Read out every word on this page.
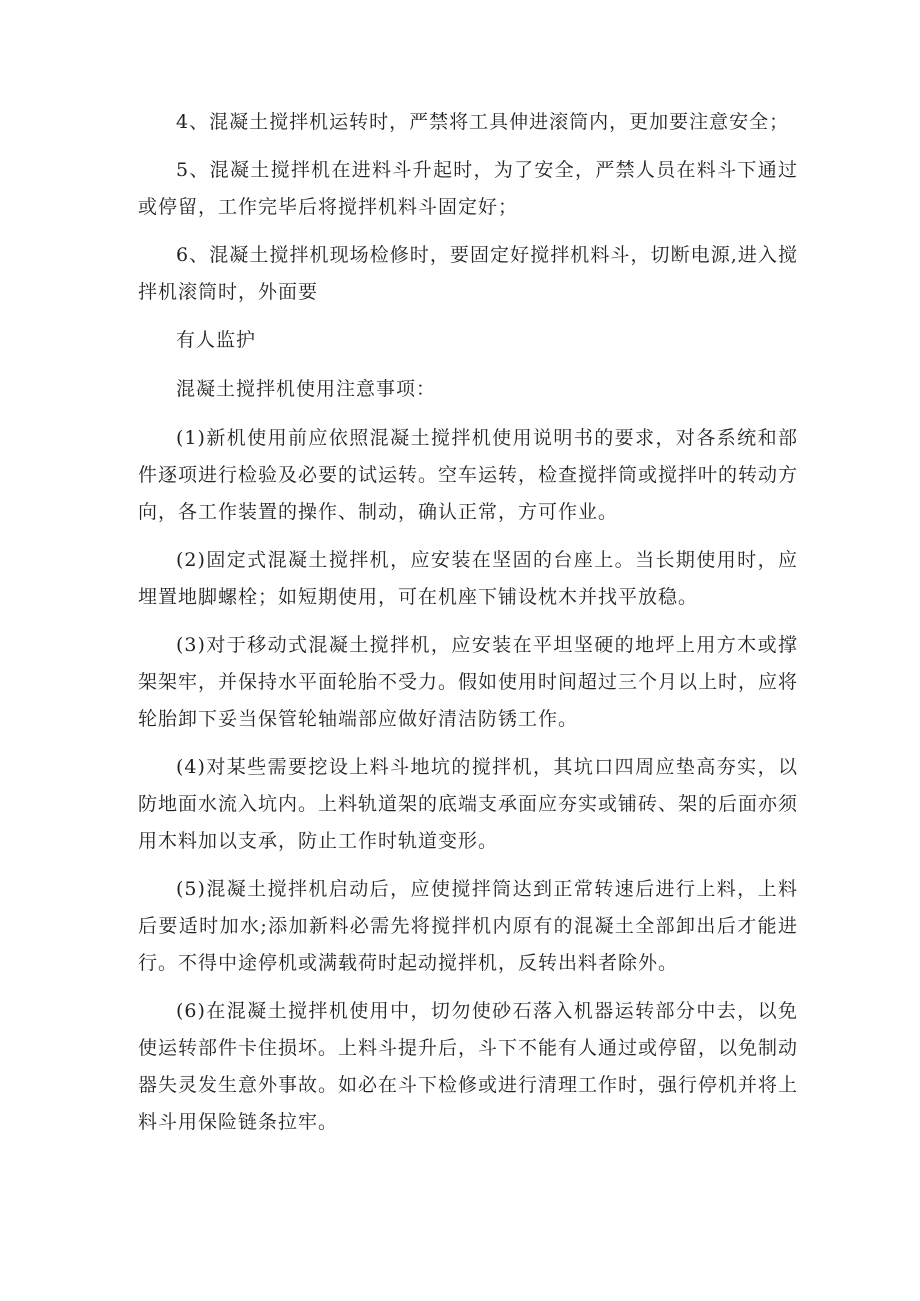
4、混凝土搅拌机运转时，严禁将工具伸进滚筒内，更加要注意安全；

5、混凝土搅拌机在进料斗升起时，为了安全，严禁人员在料斗下通过或停留，工作完毕后将搅拌机料斗固定好；

6、混凝土搅拌机现场检修时，要固定好搅拌机料斗，切断电源,进入搅拌机滚筒时，外面要

有人监护

混凝土搅拌机使用注意事项：

(1)新机使用前应依照混凝土搅拌机使用说明书的要求，对各系统和部件逐项进行检验及必要的试运转。空车运转，检查搅拌筒或搅拌叶的转动方向，各工作装置的操作、制动，确认正常，方可作业。

(2)固定式混凝土搅拌机，应安装在坚固的台座上。当长期使用时，应埋置地脚螺栓；如短期使用，可在机座下铺设枕木并找平放稳。

(3)对于移动式混凝土搅拌机，应安装在平坦坚硬的地坪上用方木或撑架架牢，并保持水平面轮胎不受力。假如使用时间超过三个月以上时，应将轮胎卸下妥当保管轮轴端部应做好清洁防锈工作。

(4)对某些需要挖设上料斗地坑的搅拌机，其坑口四周应垫高夯实，以防地面水流入坑内。上料轨道架的底端支承面应夯实或铺砖、架的后面亦须用木料加以支承，防止工作时轨道变形。

(5)混凝土搅拌机启动后，应使搅拌筒达到正常转速后进行上料，上料后要适时加水;添加新料必需先将搅拌机内原有的混凝土全部卸出后才能进行。不得中途停机或满载荷时起动搅拌机，反转出料者除外。

(6)在混凝土搅拌机使用中，切勿使砂石落入机器运转部分中去，以免使运转部件卡住损坏。上料斗提升后，斗下不能有人通过或停留，以免制动器失灵发生意外事故。如必在斗下检修或进行清理工作时，强行停机并将上料斗用保险链条拉牢。
